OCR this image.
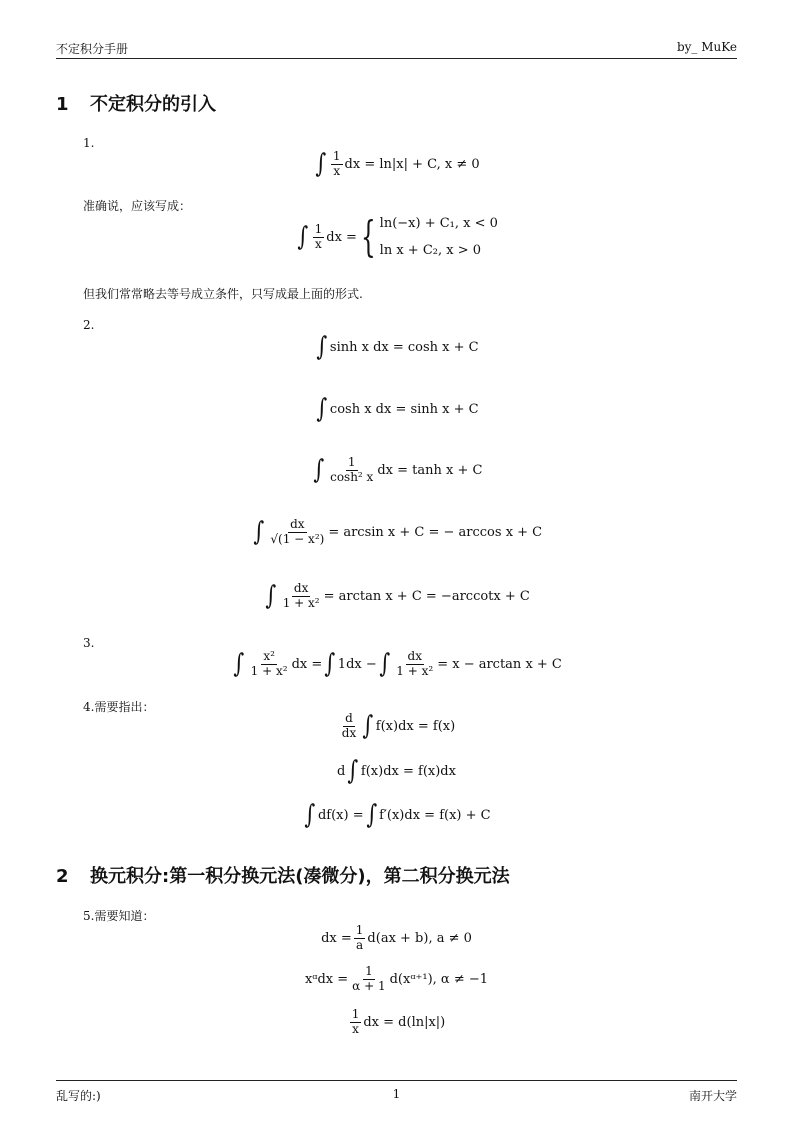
不定积分手册	by_ MuKe
1 不定积分的引入
1.
∫ $\frac{1}{x}$ dx = ln|x| + C, x ≠ 0
准确说，应该写成：
∫ $\frac{1}{x}$ dx = { ln(−x) + C₁, x < 0
ln x + C₂, x > 0
但我们常常略去等号成立条件，只写成最上面的形式.
2.
∫ sinh x dx = cosh x + C
∫ cosh x dx = sinh x + C
∫ $\frac{1}{\text{cosh² x}}$ dx = tanh x + C
∫ $\frac{dx}{\text{√(1 − x²)}} = \arcsin x + C$ = − arccos x + C
∫ $\frac{dx}{\text{1 + x²}} = \arctan x + C = -arccotx + C$
3.
∫ $\frac{\text{x²}}{\text{1 + x²}}$ dx = ∫ 1dx − ∫ $\frac{dx}{\text{1 + x²}} = x - \arctan x + C$
4.需要指出：
$\frac{d}{dx}$ ∫ f(x)dx = f(x)
d ∫ f(x)dx = f(x)dx
∫ df(x) = ∫ f′(x)dx = f(x) + C
2 换元积分:第一积分换元法(凑微分)，第二积分换元法
5.需要知道：
dx = $\frac{1}{a} d(ax + b)$, a ≠ 0
xᵅdx = $\frac{1}{\alpha + 1}$ d(xᵅ⁺¹), α ≠ −1
$\frac{1}{x}$ dx = d(ln|x|)
乱写的:)	1	南开大学
